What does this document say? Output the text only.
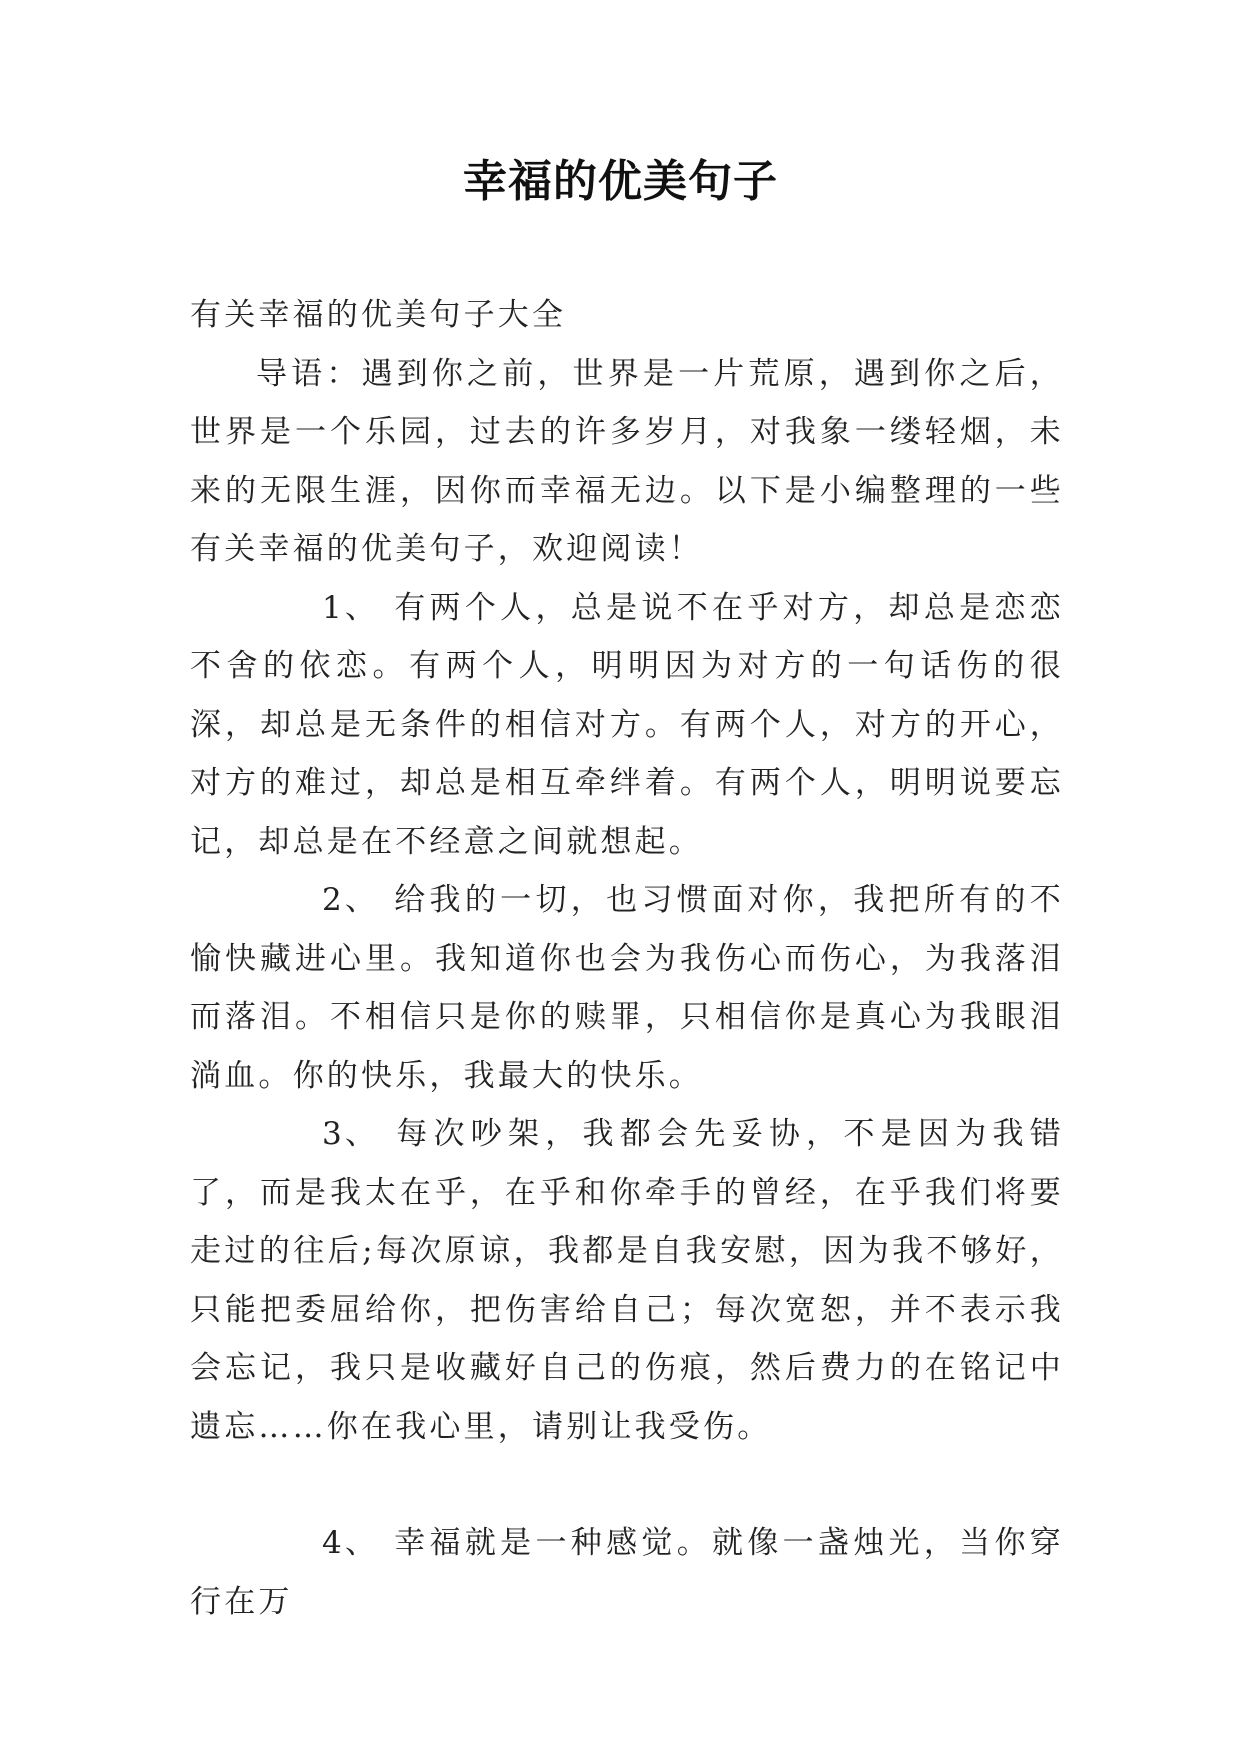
幸福的优美句子

有关幸福的优美句子大全

导语：遇到你之前，世界是一片荒原，遇到你之后，世界是一个乐园，过去的许多岁月，对我象一缕轻烟，未来的无限生涯，因你而幸福无边。以下是小编整理的一些有关幸福的优美句子，欢迎阅读！

1、 有两个人，总是说不在乎对方，却总是恋恋不舍的依恋。有两个人，明明因为对方的一句话伤的很深，却总是无条件的相信对方。有两个人，对方的开心，对方的难过，却总是相互牵绊着。有两个人，明明说要忘记，却总是在不经意之间就想起。

2、 给我的一切，也习惯面对你，我把所有的不愉快藏进心里。我知道你也会为我伤心而伤心，为我落泪而落泪。不相信只是你的赎罪，只相信你是真心为我眼泪淌血。你的快乐，我最大的快乐。

3、 每次吵架，我都会先妥协，不是因为我错了，而是我太在乎，在乎和你牵手的曾经，在乎我们将要走过的往后;每次原谅，我都是自我安慰，因为我不够好，只能把委屈给你，把伤害给自己；每次宽恕，并不表示我会忘记，我只是收藏好自己的伤痕，然后费力的在铭记中遗忘……你在我心里，请别让我受伤。

4、 幸福就是一种感觉。就像一盏烛光，当你穿行在万
